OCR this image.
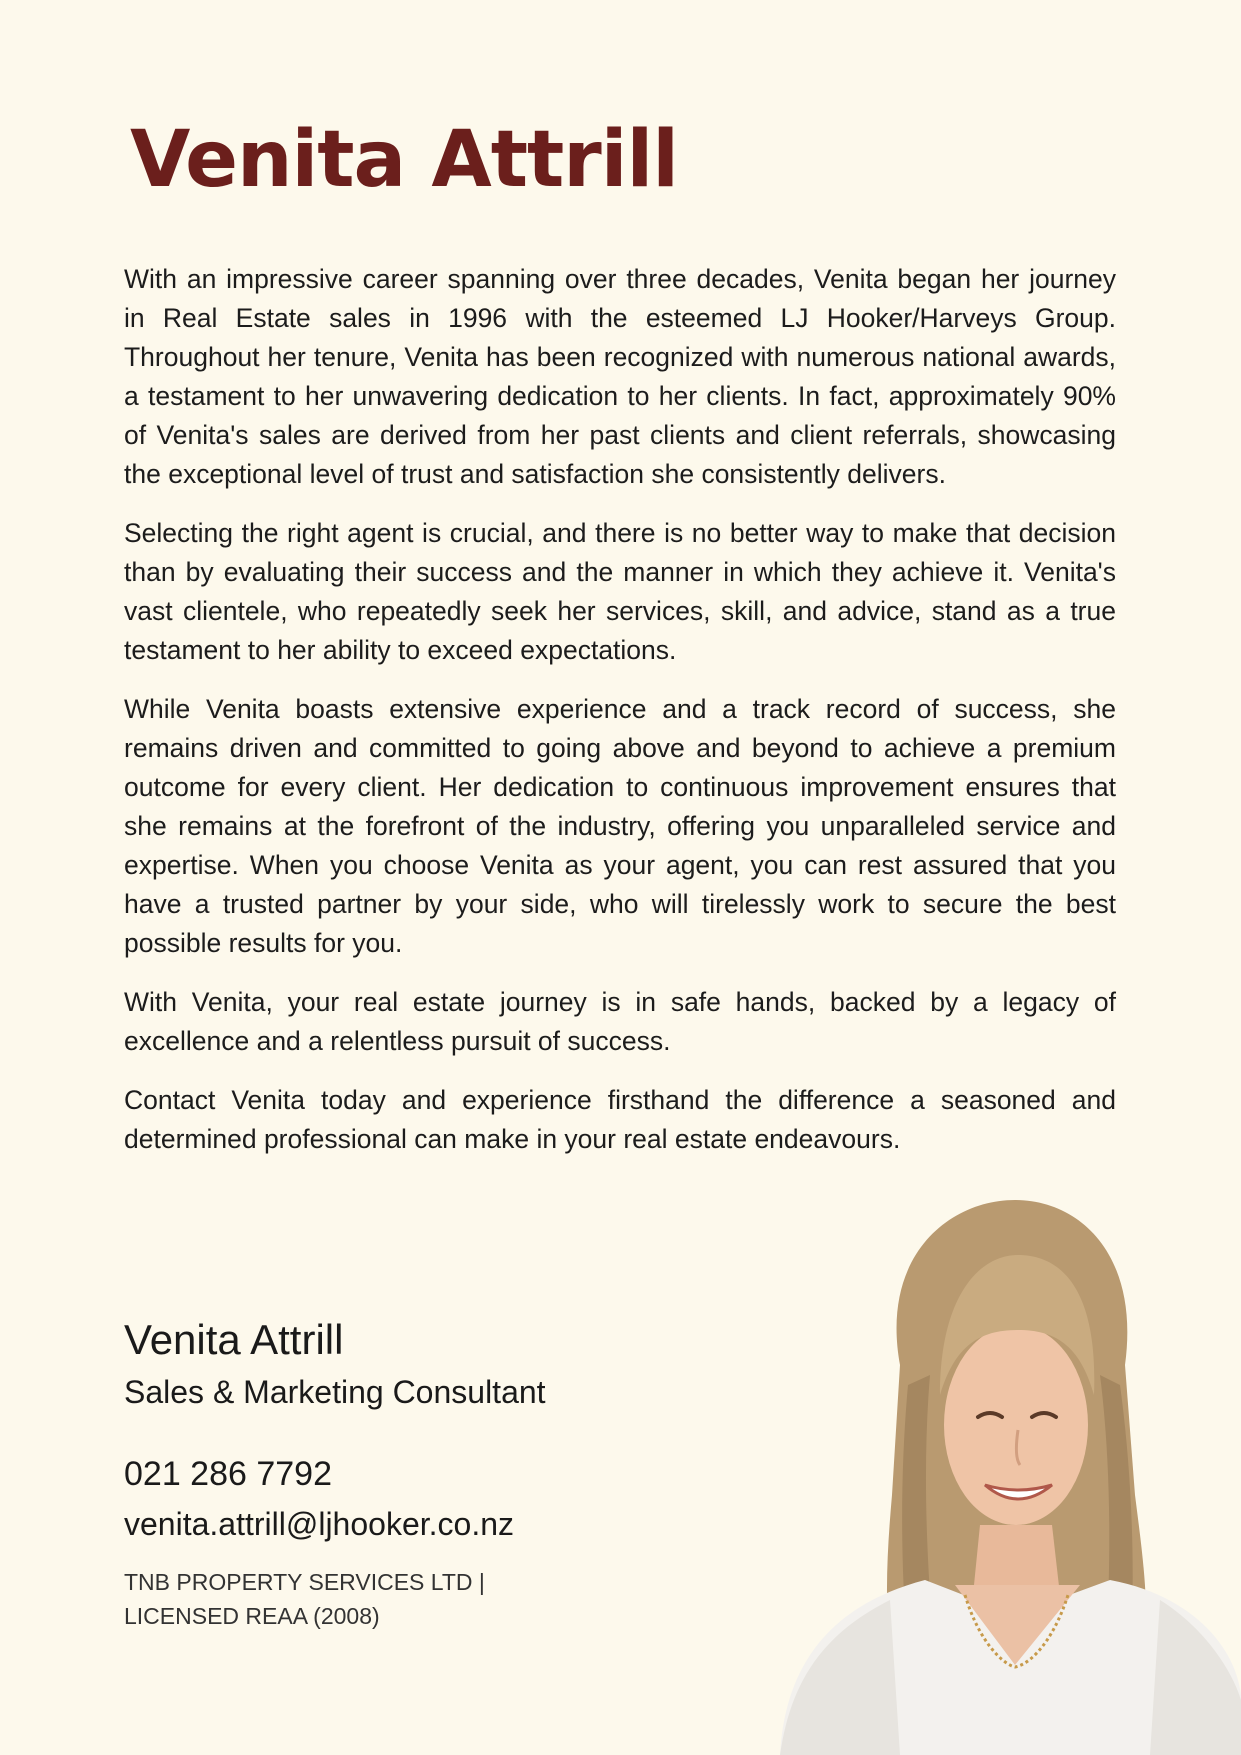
Venita Attrill

With an impressive career spanning over three decades, Venita began her journey in Real Estate sales in 1996 with the esteemed LJ Hooker/Harveys Group. Throughout her tenure, Venita has been recognized with numerous national awards, a testament to her unwavering dedication to her clients. In fact, approximately 90% of Venita's sales are derived from her past clients and client referrals, showcasing the exceptional level of trust and satisfaction she consistently delivers.

Selecting the right agent is crucial, and there is no better way to make that decision than by evaluating their success and the manner in which they achieve it. Venita's vast clientele, who repeatedly seek her services, skill, and advice, stand as a true testament to her ability to exceed expectations.

While Venita boasts extensive experience and a track record of success, she remains driven and committed to going above and beyond to achieve a premium outcome for every client. Her dedication to continuous improvement ensures that she remains at the forefront of the industry, offering you unparalleled service and expertise. When you choose Venita as your agent, you can rest assured that you have a trusted partner by your side, who will tirelessly work to secure the best possible results for you.

With Venita, your real estate journey is in safe hands, backed by a legacy of excellence and a relentless pursuit of success.

Contact Venita today and experience firsthand the difference a seasoned and determined professional can make in your real estate endeavours.

Venita Attrill
Sales & Marketing Consultant
021 286 7792
venita.attrill@ljhooker.co.nz

TNB PROPERTY SERVICES LTD |
LICENSED REAA (2008)
